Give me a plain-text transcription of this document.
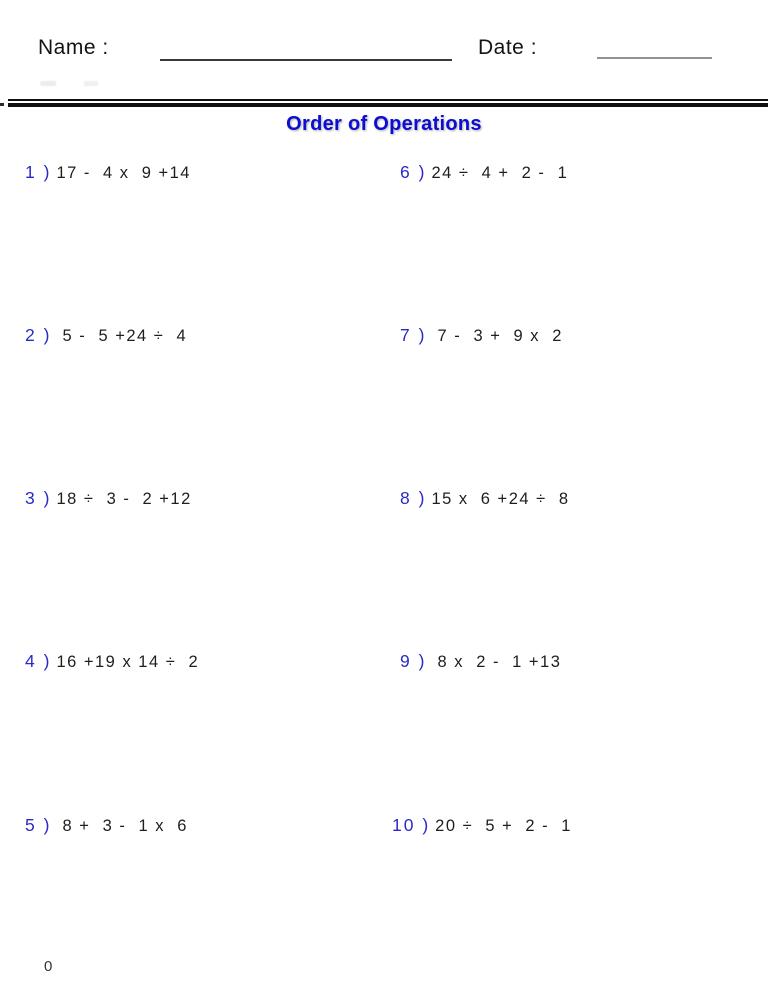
Name :	Date :
Order of Operations
1 ) 17 -  4 x  9 +14
2 ) 5 -  5 +24 ÷  4
3 ) 18 ÷  3 -  2 +12
4 ) 16 +19 x 14 ÷  2
5 ) 8 +  3 -  1 x  6
6 ) 24 ÷  4 +  2 -  1
7 ) 7 -  3 +  9 x  2
8 ) 15 x  6 +24 ÷  8
9 ) 8 x  2 -  1 +13
10 ) 20 ÷  5 +  2 -  1
0
